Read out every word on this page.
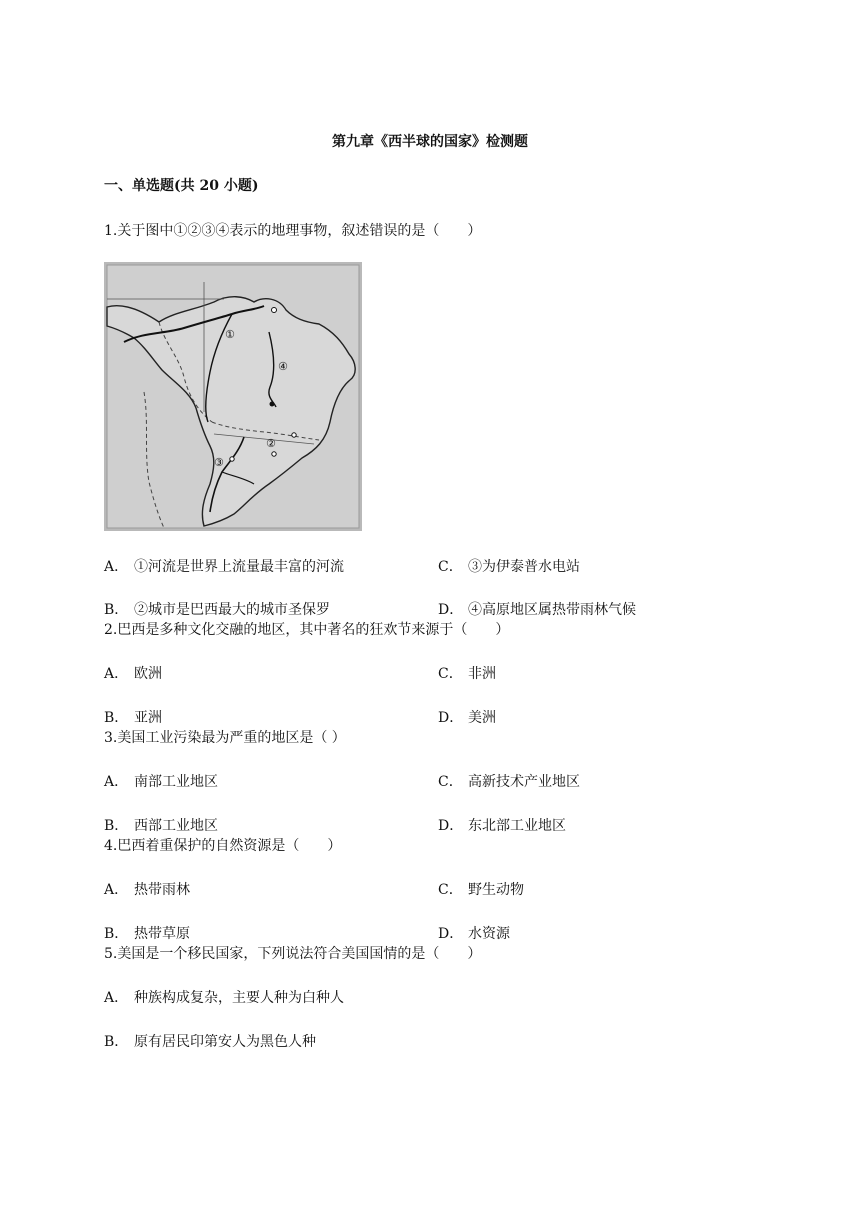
第九章《西半球的国家》检测题
一、单选题(共 20 小题)
1.关于图中①②③④表示的地理事物，叙述错误的是（　　）
①
②
③
④
A． ①河流是世界上流量最丰富的河流	C． ③为伊泰普水电站
B． ②城市是巴西最大的城市圣保罗	D． ④高原地区属热带雨林气候
2.巴西是多种文化交融的地区，其中著名的狂欢节来源于（　　）
A． 欧洲	C． 非洲
B． 亚洲	D． 美洲
3.美国工业污染最为严重的地区是（ ）
A． 南部工业地区	C． 高新技术产业地区
B． 西部工业地区	D． 东北部工业地区
4.巴西着重保护的自然资源是（　　）
A． 热带雨林	C． 野生动物
B． 热带草原	D． 水资源
5.美国是一个移民国家，下列说法符合美国国情的是（　　）
A． 种族构成复杂，主要人种为白种人
B． 原有居民印第安人为黑色人种
